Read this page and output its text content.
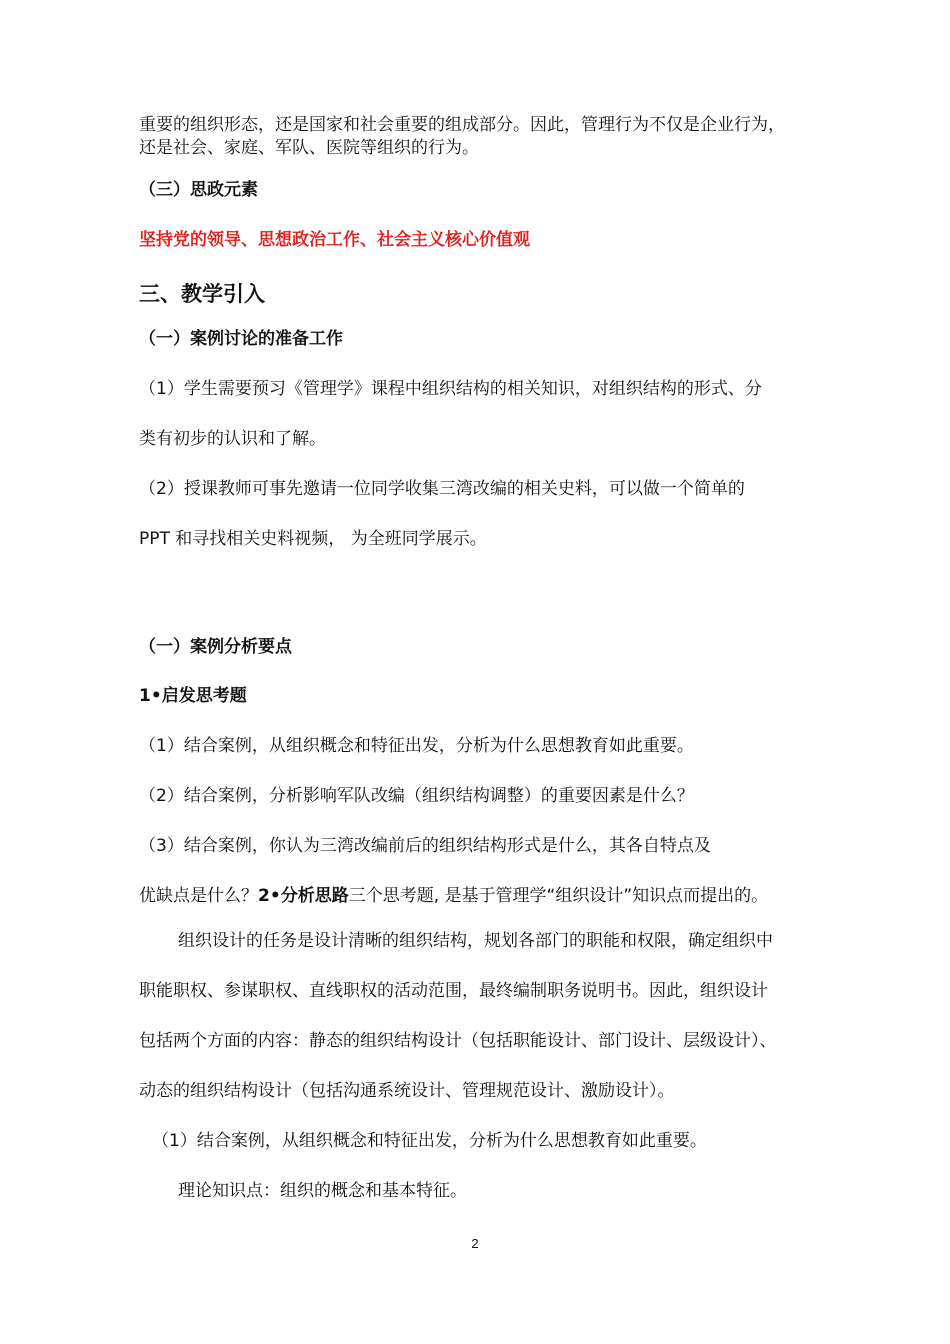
重要的组织形态，还是国家和社会重要的组成部分。因此，管理行为不仅是企业行为，
还是社会、家庭、军队、医院等组织的行为。
（三）思政元素
坚持党的领导、思想政治工作、社会主义核心价值观
三、教学引入
（一）案例讨论的准备工作
（1）学生需要预习《管理学》课程中组织结构的相关知识，对组织结构的形式、分
类有初步的认识和了解。
（2）授课教师可事先邀请一位同学收集三湾改编的相关史料，可以做一个简单的
PPT 和寻找相关史料视频， 为全班同学展示。
（一）案例分析要点
1•启发思考题
（1）结合案例，从组织概念和特征出发，分析为什么思想教育如此重要。
（2）结合案例，分析影响军队改编（组织结构调整）的重要因素是什么？
（3）结合案例，你认为三湾改编前后的组织结构形式是什么，其各自特点及
优缺点是什么？2•分析思路三个思考题, 是基于管理学“组织设计”知识点而提出的。
组织设计的任务是设计清晰的组织结构，规划各部门的职能和权限，确定组织中
职能职权、参谋职权、直线职权的活动范围，最终编制职务说明书。因此，组织设计
包括两个方面的内容：静态的组织结构设计（包括职能设计、部门设计、层级设计）、
动态的组织结构设计（包括沟通系统设计、管理规范设计、激励设计）。
（1）结合案例，从组织概念和特征出发，分析为什么思想教育如此重要。
理论知识点：组织的概念和基本特征。
2
